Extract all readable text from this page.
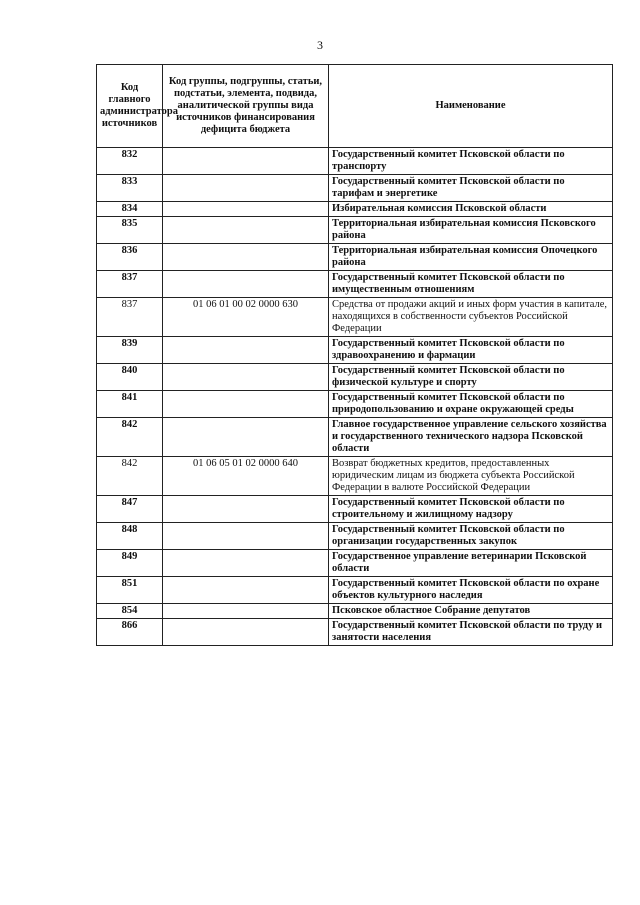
3
Код главного администратора источников	Код группы, подгруппы, статьи, подстатьи, элемента, подвида, аналитической группы вида источников финансирования дефицита бюджета	Наименование
832		Государственный комитет Псковской области по транспорту
833		Государственный комитет Псковской области по тарифам и энергетике
834		Избирательная комиссия Псковской области
835		Территориальная избирательная комиссия Псковского района
836		Территориальная избирательная комиссия Опочецкого района
837		Государственный комитет Псковской области по имущественным отношениям
837	01 06 01 00 02 0000 630	Средства от продажи акций и иных форм участия в капитале, находящихся в собственности субъектов Российской Федерации
839		Государственный комитет Псковской области по здравоохранению и фармации
840		Государственный комитет Псковской области по физической культуре и спорту
841		Государственный комитет Псковской области по природопользованию и охране окружающей среды
842		Главное государственное управление сельского хозяйства и государственного технического надзора Псковской области
842	01 06 05 01 02 0000 640	Возврат бюджетных кредитов, предоставленных юридическим лицам из бюджета субъекта Российской Федерации в валюте Российской Федерации
847		Государственный комитет Псковской области по строительному и жилищному надзору
848		Государственный комитет Псковской области по организации государственных закупок
849		Государственное управление ветеринарии Псковской области
851		Государственный комитет Псковской области по охране объектов культурного наследия
854		Псковское областное Собрание депутатов
866		Государственный комитет Псковской области по труду и занятости населения
